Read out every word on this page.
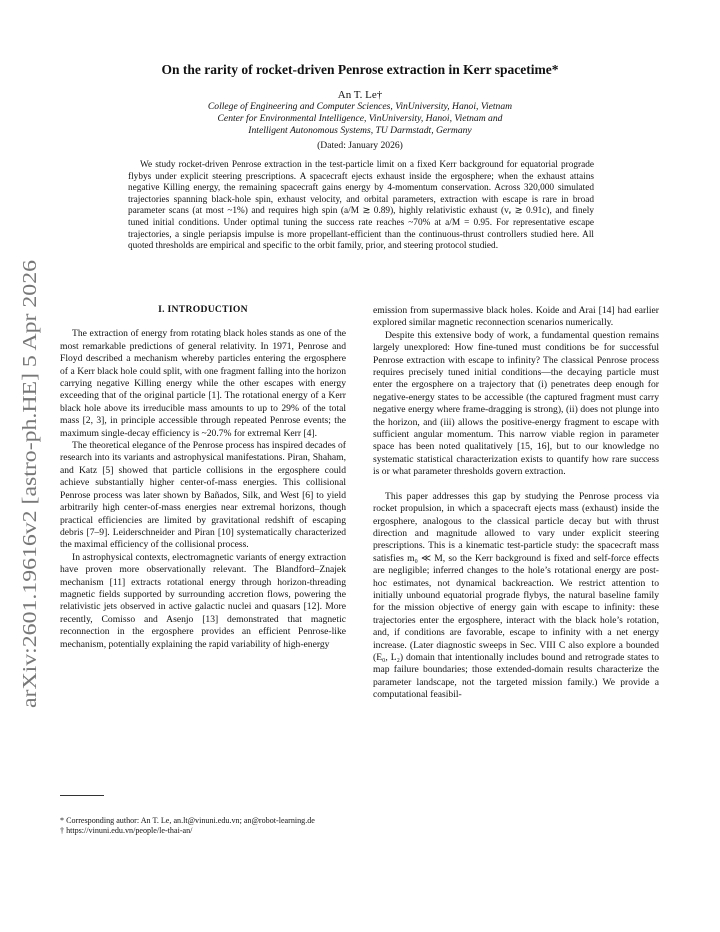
arXiv:2601.19616v2 [astro-ph.HE] 5 Apr 2026
On the rarity of rocket-driven Penrose extraction in Kerr spacetime*
An T. Le†
College of Engineering and Computer Sciences, VinUniversity, Hanoi, Vietnam
Center for Environmental Intelligence, VinUniversity, Hanoi, Vietnam and
Intelligent Autonomous Systems, TU Darmstadt, Germany
(Dated: January 2026)
We study rocket-driven Penrose extraction in the test-particle limit on a fixed Kerr background for equatorial prograde flybys under explicit steering prescriptions. A spacecraft ejects exhaust inside the ergosphere; when the exhaust attains negative Killing energy, the remaining spacecraft gains energy by 4-momentum conservation. Across 320,000 simulated trajectories spanning black-hole spin, exhaust velocity, and orbital parameters, extraction with escape is rare in broad parameter scans (at most ~1%) and requires high spin (a/M ≳ 0.89), highly relativistic exhaust (vₑ ≳ 0.91c), and finely tuned initial conditions. Under optimal tuning the success rate reaches ~70% at a/M = 0.95. For representative escape trajectories, a single periapsis impulse is more propellant-efficient than the continuous-thrust controllers studied here. All quoted thresholds are empirical and specific to the orbit family, prior, and steering protocol studied.
I. INTRODUCTION

The extraction of energy from rotating black holes stands as one of the most remarkable predictions of general relativity. In 1971, Penrose and Floyd described a mechanism whereby particles entering the ergosphere of a Kerr black hole could split, with one fragment falling into the horizon carrying negative Killing energy while the other escapes with energy exceeding that of the original particle [1]. The rotational energy of a Kerr black hole above its irreducible mass amounts to up to 29% of the total mass [2, 3], in principle accessible through repeated Penrose events; the maximum single-decay efficiency is ~20.7% for extremal Kerr [4].

The theoretical elegance of the Penrose process has inspired decades of research into its variants and astrophysical manifestations. Piran, Shaham, and Katz [5] showed that particle collisions in the ergosphere could achieve substantially higher center-of-mass energies. This collisional Penrose process was later shown by Bañados, Silk, and West [6] to yield arbitrarily high center-of-mass energies near extremal horizons, though practical efficiencies are limited by gravitational redshift of escaping debris [7–9]. Leiderschneider and Piran [10] systematically characterized the maximal efficiency of the collisional process.

In astrophysical contexts, electromagnetic variants of energy extraction have proven more observationally relevant. The Blandford–Znajek mechanism [11] extracts rotational energy through horizon-threading magnetic fields supported by surrounding accretion flows, powering the relativistic jets observed in active galactic nuclei and quasars [12]. More recently, Comisso and Asenjo [13] demonstrated that magnetic reconnection in the ergosphere provides an efficient Penrose-like mechanism, potentially explaining the rapid variability of high-energy

emission from supermassive black holes. Koide and Arai [14] had earlier explored similar magnetic reconnection scenarios numerically.

Despite this extensive body of work, a fundamental question remains largely unexplored: How fine-tuned must conditions be for successful Penrose extraction with escape to infinity? The classical Penrose process requires precisely tuned initial conditions—the decaying particle must enter the ergosphere on a trajectory that (i) penetrates deep enough for negative-energy states to be accessible (the captured fragment must carry negative energy where frame-dragging is strong), (ii) does not plunge into the horizon, and (iii) allows the positive-energy fragment to escape with sufficient angular momentum. This narrow viable region in parameter space has been noted qualitatively [15, 16], but to our knowledge no systematic statistical characterization exists to quantify how rare success is or what parameter thresholds govern extraction.

This paper addresses this gap by studying the Penrose process via rocket propulsion, in which a spacecraft ejects mass (exhaust) inside the ergosphere, analogous to the classical particle decay but with thrust direction and magnitude allowed to vary under explicit steering prescriptions. This is a kinematic test-particle study: the spacecraft mass satisfies m₀ ≪ M, so the Kerr background is fixed and self-force effects are negligible; inferred changes to the hole’s rotational energy are post-hoc estimates, not dynamical backreaction. We restrict attention to initially unbound equatorial prograde flybys, the natural baseline family for the mission objective of energy gain with escape to infinity: these trajectories enter the ergosphere, interact with the black hole’s rotation, and, if conditions are favorable, escape to infinity with a net energy increase. (Later diagnostic sweeps in Sec. VIII C also explore a bounded (E₀, L₂) domain that intentionally includes bound and retrograde states to map failure boundaries; those extended-domain results characterize the parameter landscape, not the targeted mission family.) We provide a computational feasibil-

* Corresponding author: An T. Le, an.lt@vinuni.edu.vn; an@robot-learning.de
† https://vinuni.edu.vn/people/le-thai-an/
